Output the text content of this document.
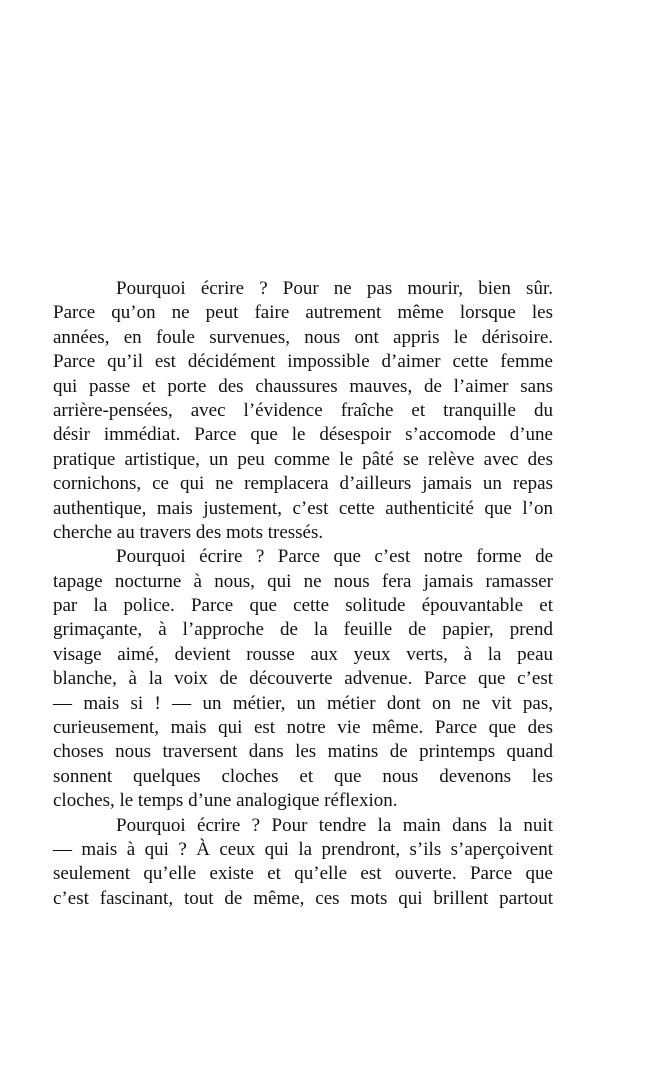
Pourquoi écrire ? Pour ne pas mourir, bien sûr.
Parce qu’on ne peut faire autrement même lorsque les
années, en foule survenues, nous ont appris le dérisoire.
Parce qu’il est décidément impossible d’aimer cette femme
qui passe et porte des chaussures mauves, de l’aimer sans
arrière-pensées, avec l’évidence fraîche et tranquille du
désir immédiat. Parce que le désespoir s’accomode d’une
pratique artistique, un peu comme le pâté se relève avec des
cornichons, ce qui ne remplacera d’ailleurs jamais un repas
authentique, mais justement, c’est cette authenticité que l’on
cherche au travers des mots tressés.
Pourquoi écrire ? Parce que c’est notre forme de
tapage nocturne à nous, qui ne nous fera jamais ramasser
par la police. Parce que cette solitude épouvantable et
grimaçante, à l’approche de la feuille de papier, prend
visage aimé, devient rousse aux yeux verts, à la peau
blanche, à la voix de découverte advenue. Parce que c’est
— mais si ! — un métier, un métier dont on ne vit pas,
curieusement, mais qui est notre vie même. Parce que des
choses nous traversent dans les matins de printemps quand
sonnent quelques cloches et que nous devenons les
cloches, le temps d’une analogique réflexion.
Pourquoi écrire ? Pour tendre la main dans la nuit
— mais à qui ? À ceux qui la prendront, s’ils s’aperçoivent
seulement qu’elle existe et qu’elle est ouverte. Parce que
c’est fascinant, tout de même, ces mots qui brillent partout
